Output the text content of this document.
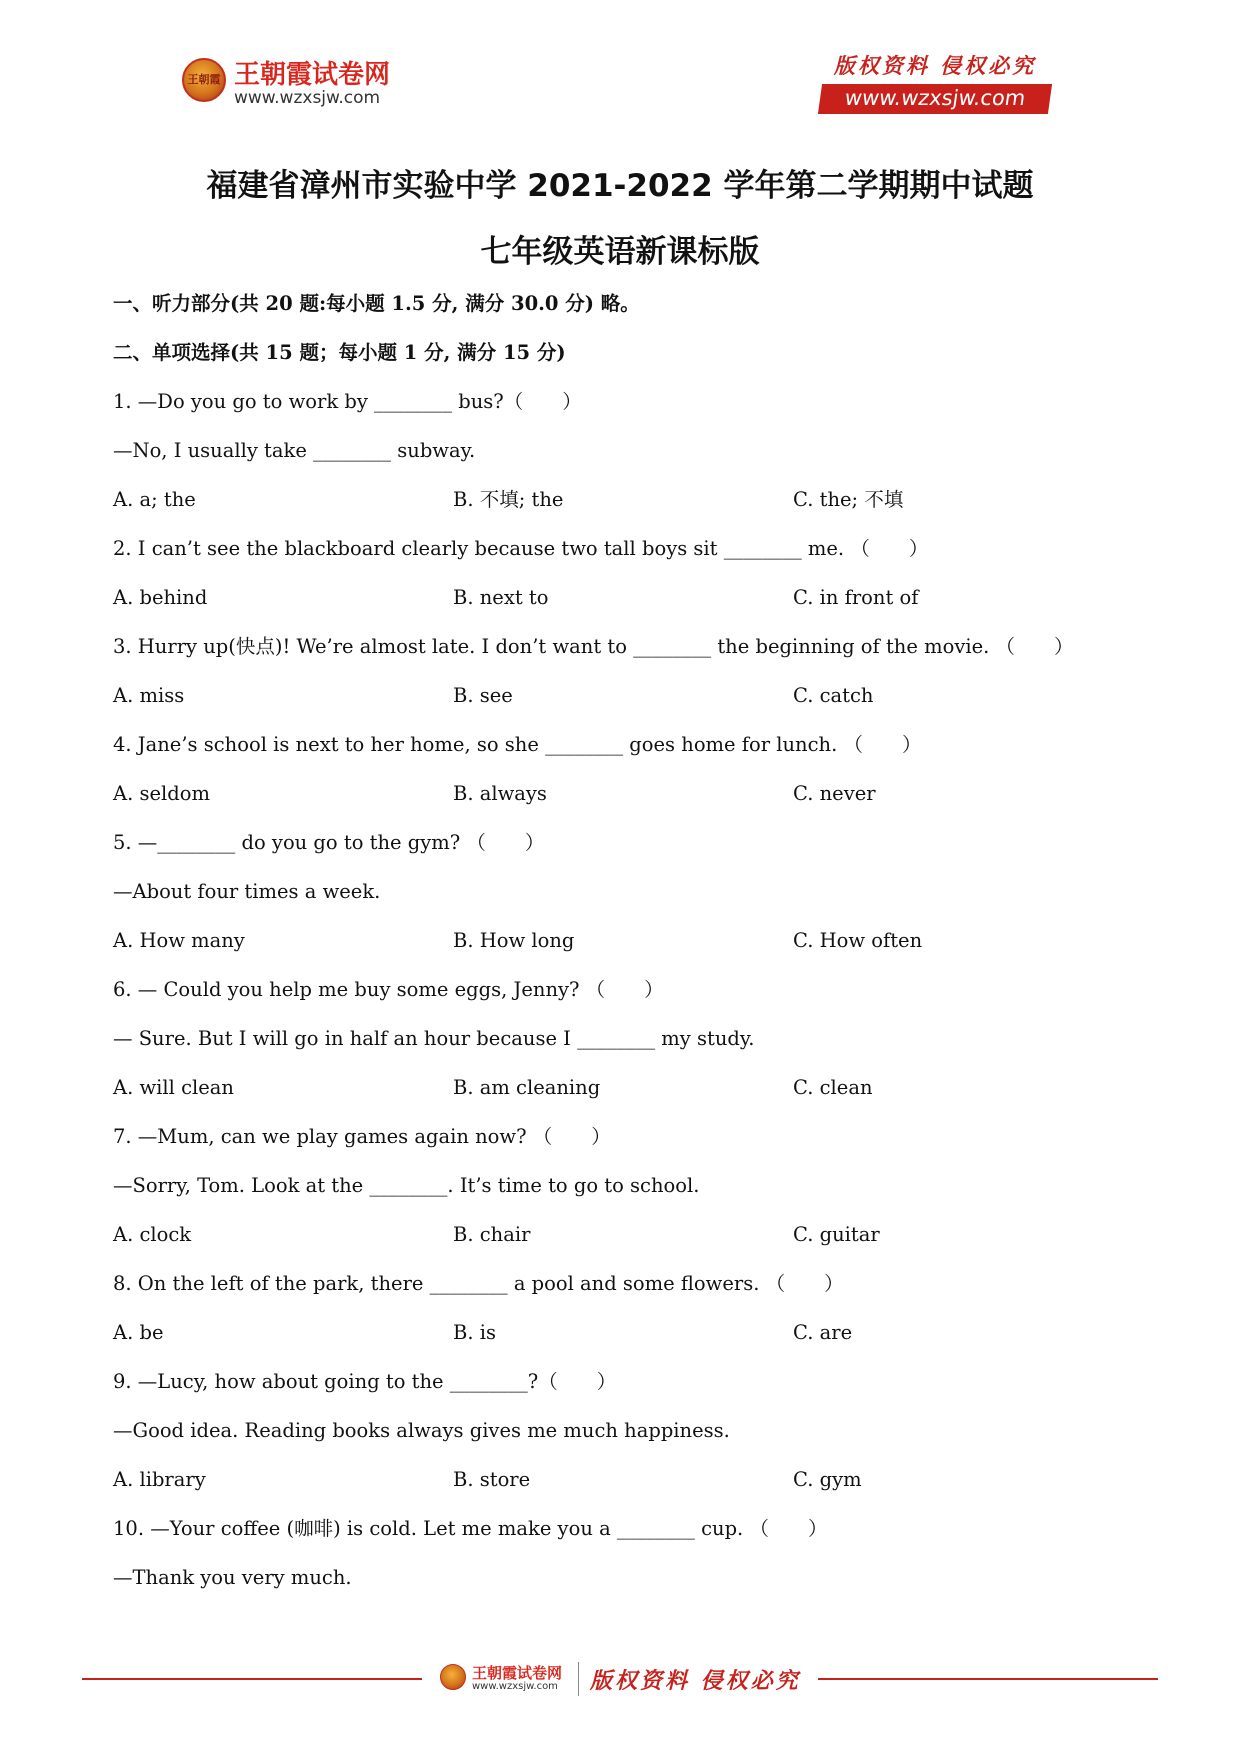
王朝霞 王朝霞试卷网
www.wzxsjw.com
版权资料 侵权必究
www.wzxsjw.com
福建省漳州市实验中学 2021-2022 学年第二学期期中试题
七年级英语新课标版
一、听力部分(共 20 题:每小题 1.5 分, 满分 30.0 分) 略。
二、单项选择(共 15 题；每小题 1 分, 满分 15 分)
1. —Do you go to work by ________ bus?（　　）
—No, I usually take ________ subway.
A. a; the	B. 不填; the	C. the; 不填
2. I can’t see the blackboard clearly because two tall boys sit ________ me. （　　）
A. behind	B. next to	C. in front of
3. Hurry up(快点)! We’re almost late. I don’t want to ________ the beginning of the movie. （　　）
A. miss	B. see	C. catch
4. Jane’s school is next to her home, so she ________ goes home for lunch. （　　）
A. seldom	B. always	C. never
5. —________ do you go to the gym? （　　）
—About four times a week.
A. How many	B. How long	C. How often
6. — Could you help me buy some eggs, Jenny? （　　）
— Sure. But I will go in half an hour because I ________ my study.
A. will clean	B. am cleaning	C. clean
7. —Mum, can we play games again now? （　　）
—Sorry, Tom. Look at the ________. It’s time to go to school.
A. clock	B. chair	C. guitar
8. On the left of the park, there ________ a pool and some flowers. （　　）
A. be	B. is	C. are
9. —Lucy, how about going to the ________?（　　）
—Good idea. Reading books always gives me much happiness.
A. library	B. store	C. gym
10. —Your coffee (咖啡) is cold. Let me make you a ________ cup. （　　）
—Thank you very much.
王朝霞试卷网
www.wzxsjw.com 版权资料 侵权必究
